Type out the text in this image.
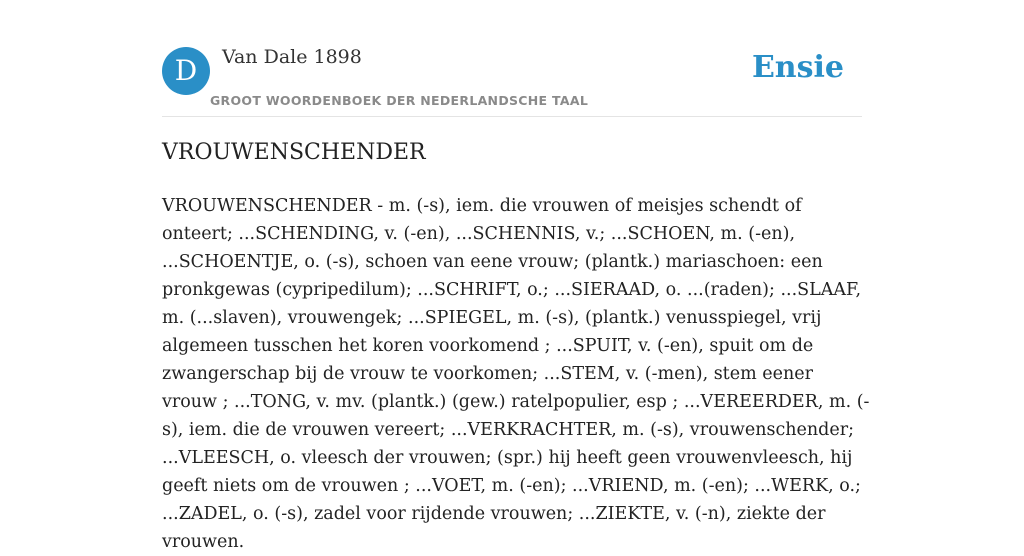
D	Van Dale 1898
GROOT WOORDENBOEK DER NEDERLANDSCHE TAAL
Ensie
VROUWENSCHENDER

VROUWENSCHENDER - m. (-s), iem. die vrouwen of meisjes schendt of onteert; ...SCHENDING, v. (-en), ...SCHENNIS, v.; ...SCHOEN, m. (-en), ...SCHOENTJE, o. (-s), schoen van eene vrouw; (plantk.) mariaschoen: een pronkgewas (cypripedilum); ...SCHRIFT, o.; ...SIERAAD, o. ...(raden); ...SLAAF, m. (...slaven), vrouwengek; ...SPIEGEL, m. (-s), (plantk.) venusspiegel, vrij algemeen tusschen het koren voorkomend ; ...SPUIT, v. (-en), spuit om de zwangerschap bij de vrouw te voorkomen; ...STEM, v. (-men), stem eener vrouw ; ...TONG, v. mv. (plantk.) (gew.) ratelpopulier, esp ; ...VEREERDER, m. (-s), iem. die de vrouwen vereert; ...VERKRACHTER, m. (-s), vrouwenschender; ...VLEESCH, o. vleesch der vrouwen; (spr.) hij heeft geen vrouwenvleesch, hij geeft niets om de vrouwen ; ...VOET, m. (-en); ...VRIEND, m. (-en); ...WERK, o.; ...ZADEL, o. (-s), zadel voor rijdende vrouwen; ...ZIEKTE, v. (-n), ziekte der vrouwen.
